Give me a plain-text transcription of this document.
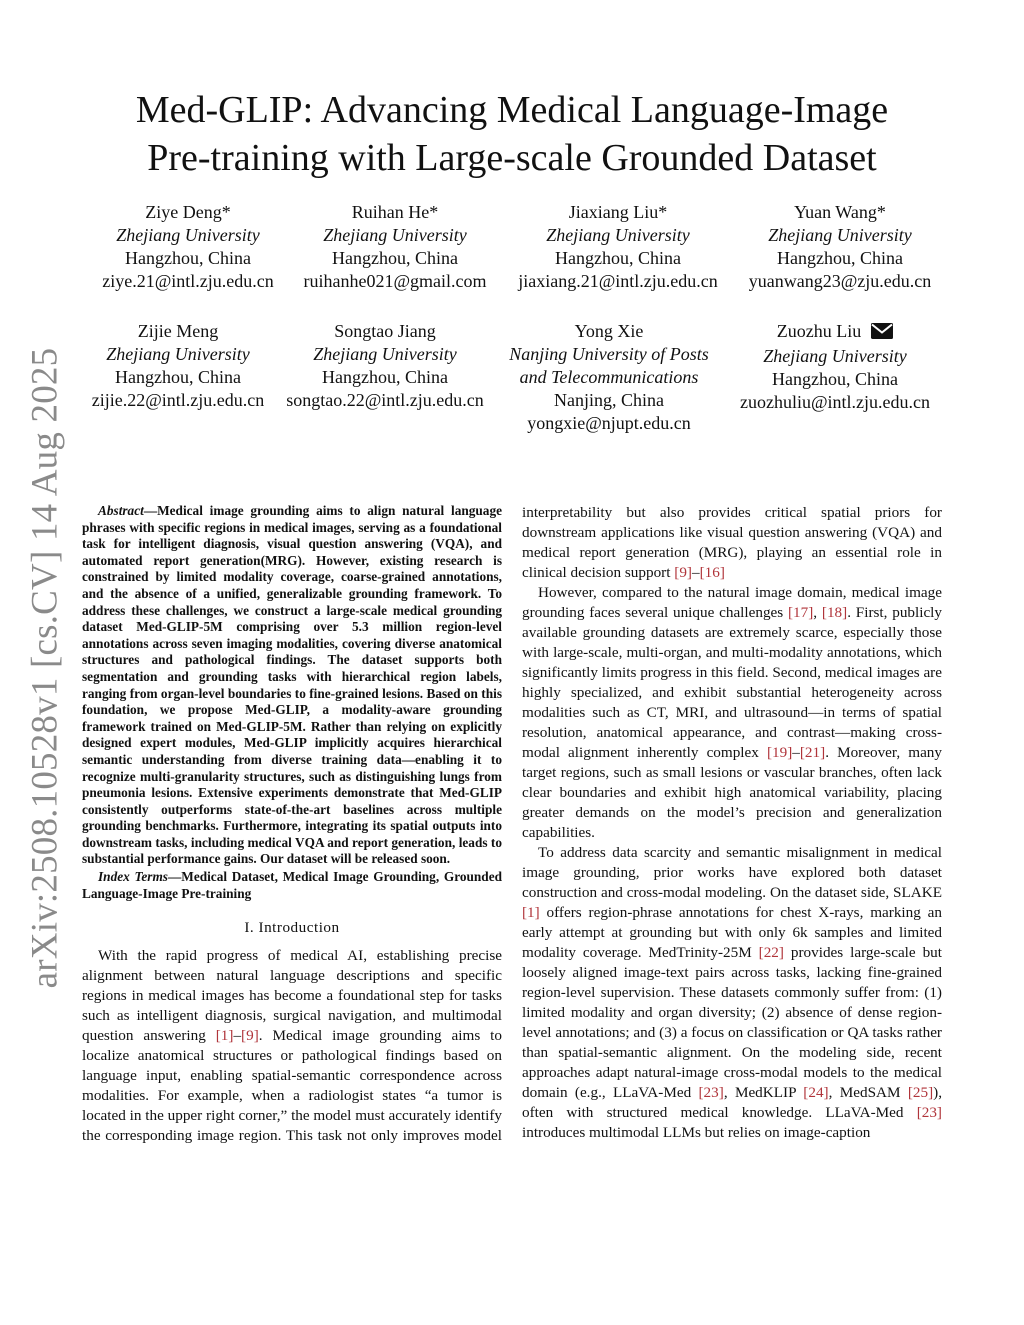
arXiv:2508.10528v1 [cs.CV] 14 Aug 2025
Med-GLIP: Advancing Medical Language-Image
Pre-training with Large-scale Grounded Dataset
Ziye Deng*
Zhejiang University
Hangzhou, China
ziye.21@intl.zju.edu.cn
Ruihan He*
Zhejiang University
Hangzhou, China
ruihanhe021@gmail.com
Jiaxiang Liu*
Zhejiang University
Hangzhou, China
jiaxiang.21@intl.zju.edu.cn
Yuan Wang*
Zhejiang University
Hangzhou, China
yuanwang23@zju.edu.cn
Zijie Meng
Zhejiang University
Hangzhou, China
zijie.22@intl.zju.edu.cn
Songtao Jiang
Zhejiang University
Hangzhou, China
songtao.22@intl.zju.edu.cn
Yong Xie
Nanjing University of Posts
and Telecommunications
Nanjing, China
yongxie@njupt.edu.cn
Zuozhu Liu
Zhejiang University
Hangzhou, China
zuozhuliu@intl.zju.edu.cn

Abstract—Medical image grounding aims to align natural language phrases with specific regions in medical images, serving as a foundational task for intelligent diagnosis, visual question answering (VQA), and automated report generation(MRG). However, existing research is constrained by limited modality coverage, coarse-grained annotations, and the absence of a unified, generalizable grounding framework. To address these challenges, we construct a large-scale medical grounding dataset Med-GLIP-5M comprising over 5.3 million region-level annotations across seven imaging modalities, covering diverse anatomical structures and pathological findings. The dataset supports both segmentation and grounding tasks with hierarchical region labels, ranging from organ-level boundaries to fine-grained lesions. Based on this foundation, we propose Med-GLIP, a modality-aware grounding framework trained on Med-GLIP-5M. Rather than relying on explicitly designed expert modules, Med-GLIP implicitly acquires hierarchical semantic understanding from diverse training data—enabling it to recognize multi-granularity structures, such as distinguishing lungs from pneumonia lesions. Extensive experiments demonstrate that Med-GLIP consistently outperforms state-of-the-art baselines across multiple grounding benchmarks. Furthermore, integrating its spatial outputs into downstream tasks, including medical VQA and report generation, leads to substantial performance gains. Our dataset will be released soon.

Index Terms—Medical Dataset, Medical Image Grounding, Grounded Language-Image Pre-training

I. Introduction

With the rapid progress of medical AI, establishing precise alignment between natural language descriptions and specific regions in medical images has become a foundational step for tasks such as intelligent diagnosis, surgical navigation, and multimodal question answering [1]–[9]. Medical image grounding aims to localize anatomical structures or pathological findings based on language input, enabling spatial-semantic correspondence across modalities. For example, when a radiologist states “a tumor is located in the upper right corner,” the model must accurately identify the corresponding image region. This task not only improves model

interpretability but also provides critical spatial priors for downstream applications like visual question answering (VQA) and medical report generation (MRG), playing an essential role in clinical decision support [9]–[16]

However, compared to the natural image domain, medical image grounding faces several unique challenges [17], [18]. First, publicly available grounding datasets are extremely scarce, especially those with large-scale, multi-organ, and multi-modality annotations, which significantly limits progress in this field. Second, medical images are highly specialized, and exhibit substantial heterogeneity across modalities such as CT, MRI, and ultrasound—in terms of spatial resolution, anatomical appearance, and contrast—making cross-modal alignment inherently complex [19]–[21]. Moreover, many target regions, such as small lesions or vascular branches, often lack clear boundaries and exhibit high anatomical variability, placing greater demands on the model’s precision and generalization capabilities.

To address data scarcity and semantic misalignment in medical image grounding, prior works have explored both dataset construction and cross-modal modeling. On the dataset side, SLAKE [1] offers region-phrase annotations for chest X-rays, marking an early attempt at grounding but with only 6k samples and limited modality coverage. MedTrinity-25M [22] provides large-scale but loosely aligned image-text pairs across tasks, lacking fine-grained region-level supervision. These datasets commonly suffer from: (1) limited modality and organ diversity; (2) absence of dense region-level annotations; and (3) a focus on classification or QA tasks rather than spatial-semantic alignment. On the modeling side, recent approaches adapt natural-image cross-modal models to the medical domain (e.g., LLaVA-Med [23], MedKLIP [24], MedSAM [25]), often with structured medical knowledge. LLaVA-Med [23] introduces multimodal LLMs but relies on image-caption
